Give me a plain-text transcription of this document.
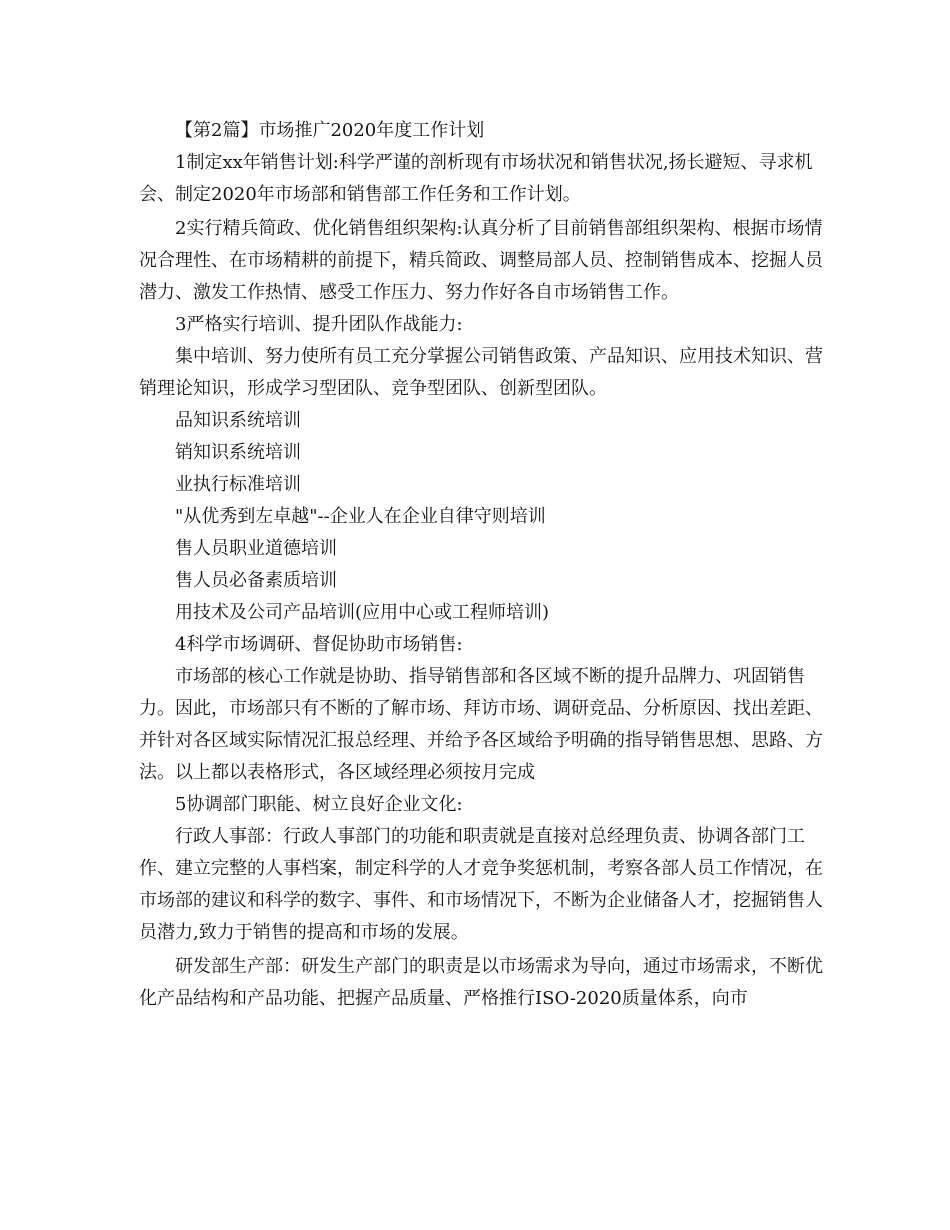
【第2篇】市场推广2020年度工作计划

1制定xx年销售计划:科学严谨的剖析现有市场状况和销售状况,扬长避短、寻求机会、制定2020年市场部和销售部工作任务和工作计划。

2实行精兵简政、优化销售组织架构:认真分析了目前销售部组织架构、根据市场情况合理性、在市场精耕的前提下，精兵简政、调整局部人员、控制销售成本、挖掘人员潜力、激发工作热情、感受工作压力、努力作好各自市场销售工作。

3严格实行培训、提升团队作战能力:

集中培训、努力使所有员工充分掌握公司销售政策、产品知识、应用技术知识、营销理论知识，形成学习型团队、竞争型团队、创新型团队。

品知识系统培训

销知识系统培训

业执行标准培训

"从优秀到左卓越"--企业人在企业自律守则培训

售人员职业道德培训

售人员必备素质培训

用技术及公司产品培训(应用中心或工程师培训)

4科学市场调研、督促协助市场销售:

市场部的核心工作就是协助、指导销售部和各区域不断的提升品牌力、巩固销售力。因此，市场部只有不断的了解市场、拜访市场、调研竞品、分析原因、找出差距、并针对各区域实际情况汇报总经理、并给予各区域给予明确的指导销售思想、思路、方法。以上都以表格形式，各区域经理必须按月完成

5协调部门职能、树立良好企业文化:

行政人事部：行政人事部门的功能和职责就是直接对总经理负责、协调各部门工作、建立完整的人事档案，制定科学的人才竞争奖惩机制，考察各部人员工作情况，在市场部的建议和科学的数字、事件、和市场情况下，不断为企业储备人才，挖掘销售人员潜力,致力于销售的提高和市场的发展。

研发部生产部：研发生产部门的职责是以市场需求为导向，通过市场需求，不断优化产品结构和产品功能、把握产品质量、严格推行ISO-2020质量体系，向市
